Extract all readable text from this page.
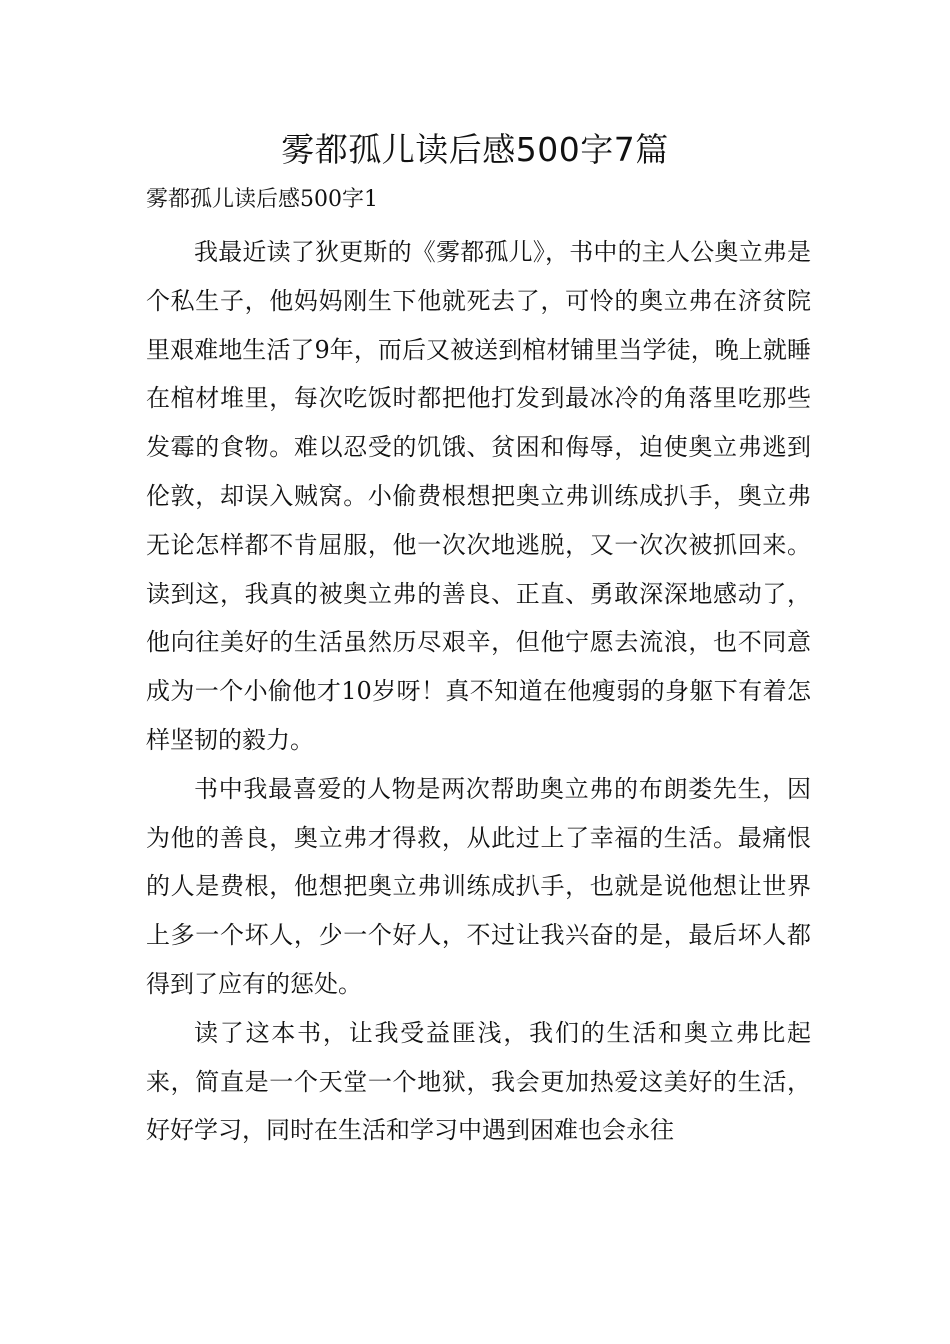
雾都孤儿读后感500字7篇
雾都孤儿读后感500字1

我最近读了狄更斯的《雾都孤儿》，书中的主人公奥立弗是个私生子，他妈妈刚生下他就死去了，可怜的奥立弗在济贫院里艰难地生活了9年，而后又被送到棺材铺里当学徒，晚上就睡在棺材堆里，每次吃饭时都把他打发到最冰冷的角落里吃那些发霉的食物。难以忍受的饥饿、贫困和侮辱，迫使奥立弗逃到伦敦，却误入贼窝。小偷费根想把奥立弗训练成扒手，奥立弗无论怎样都不肯屈服，他一次次地逃脱，又一次次被抓回来。读到这，我真的被奥立弗的善良、正直、勇敢深深地感动了，他向往美好的生活虽然历尽艰辛，但他宁愿去流浪，也不同意成为一个小偷他才10岁呀！真不知道在他瘦弱的身躯下有着怎样坚韧的毅力。

书中我最喜爱的人物是两次帮助奥立弗的布朗娄先生，因为他的善良，奥立弗才得救，从此过上了幸福的生活。最痛恨的人是费根，他想把奥立弗训练成扒手，也就是说他想让世界上多一个坏人，少一个好人，不过让我兴奋的是，最后坏人都得到了应有的惩处。

读了这本书，让我受益匪浅，我们的生活和奥立弗比起来，简直是一个天堂一个地狱，我会更加热爱这美好的生活，好好学习，同时在生活和学习中遇到困难也会永往
